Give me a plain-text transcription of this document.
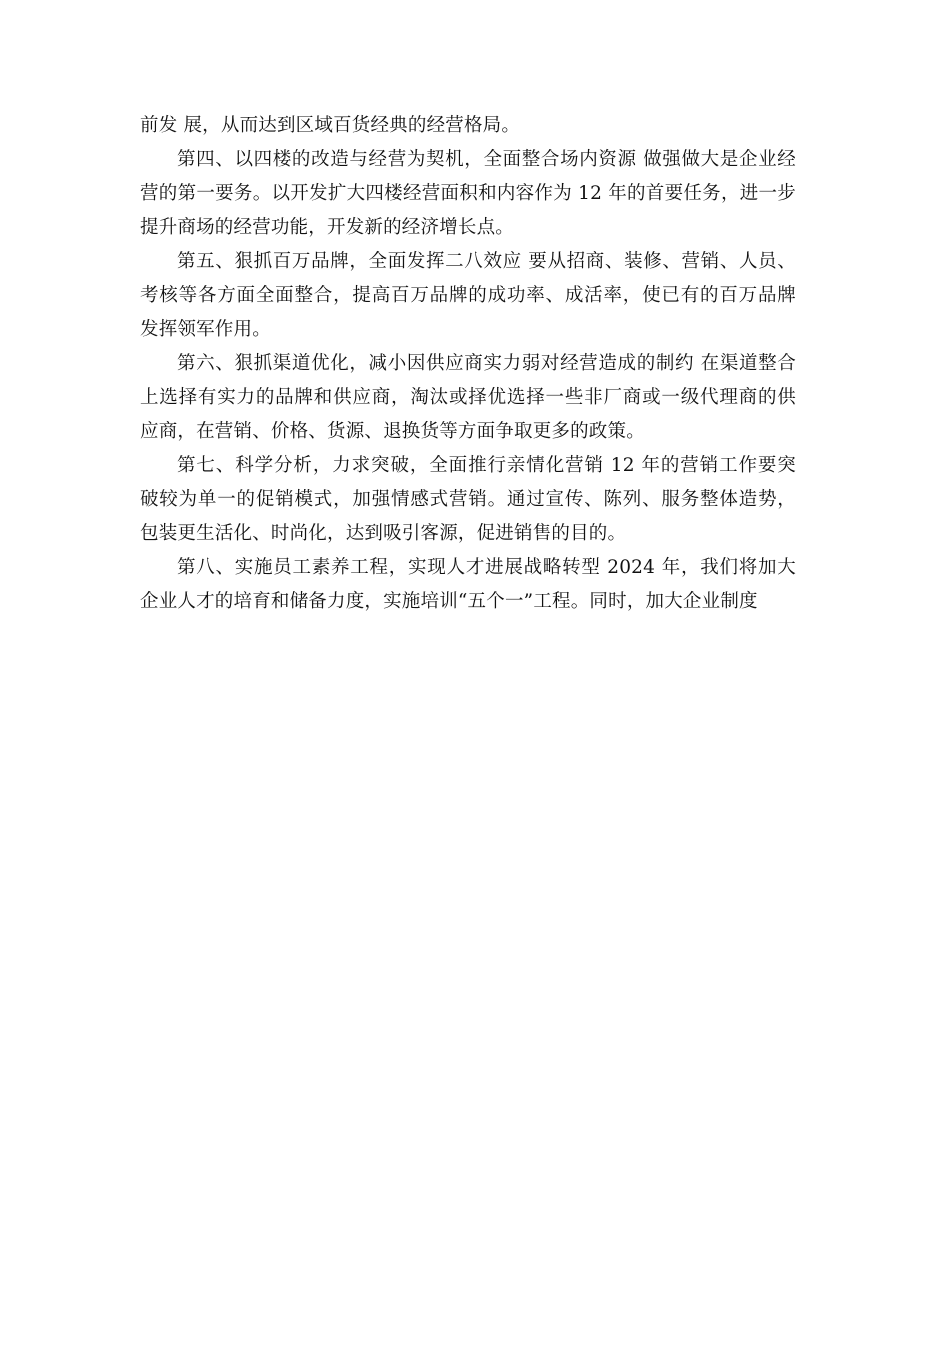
前发 展，从而达到区域百货经典的经营格局。

第四、以四楼的改造与经营为契机，全面整合场内资源 做强做大是企业经 营的第一要务。以开发扩大四楼经营面积和内容作为 12 年的首要任务，进一步 提升商场的经营功能，开发新的经济增长点。

第五、狠抓百万品牌，全面发挥二八效应 要从招商、装修、营销、人员、 考核等各方面全面整合，提高百万品牌的成功率、成活率，使已有的百万品牌 发挥领军作用。

第六、狠抓渠道优化，减小因供应商实力弱对经营造成的制约 在渠道整合 上选择有实力的品牌和供应商，淘汰或择优选择一些非厂商或一级代理商的供 应商，在营销、价格、货源、退换货等方面争取更多的政策。

第七、科学分析，力求突破，全面推行亲情化营销 12 年的营销工作要突 破较为单一的促销模式，加强情感式营销。通过宣传、陈列、服务整体造势， 包装更生活化、时尚化，达到吸引客源，促进销售的目的。

第八、实施员工素养工程，实现人才进展战略转型 2024 年，我们将加大 企业人才的培育和储备力度，实施培训“五个一”工程。同时，加大企业制度
